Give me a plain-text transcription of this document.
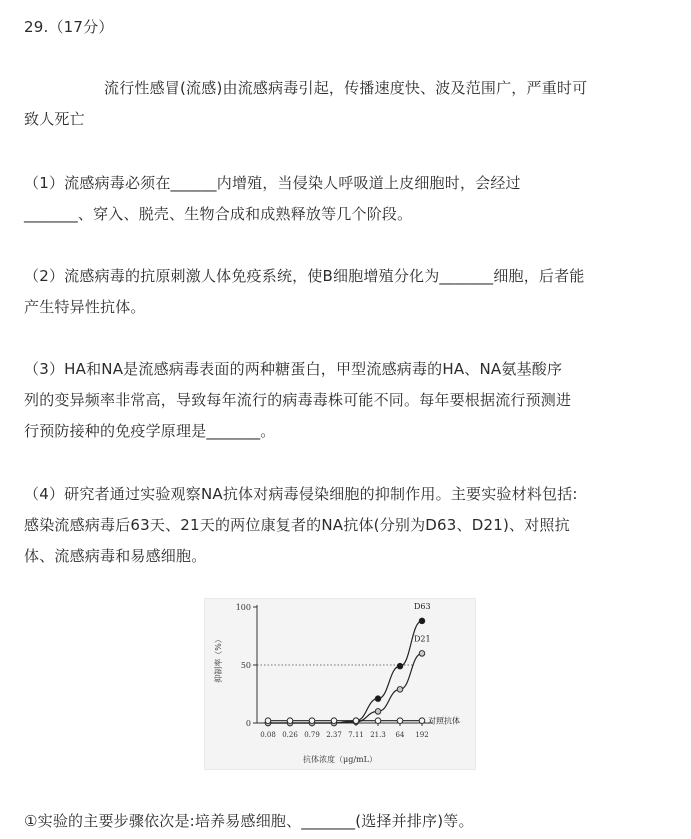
29.（17分）
流行性感冒(流感)由流感病毒引起，传播速度快、波及范围广，严重时可
致人死亡
（1）流感病毒必须在______内增殖，当侵染人呼吸道上皮细胞时，会经过
_______、穿入、脱壳、生物合成和成熟释放等几个阶段。
（2）流感病毒的抗原刺激人体免疫系统，使B细胞增殖分化为_______细胞，后者能
产生特异性抗体。
（3）HA和NA是流感病毒表面的两种糖蛋白，甲型流感病毒的HA、NA氨基酸序
列的变异频率非常高，导致每年流行的病毒毒株可能不同。每年要根据流行预测进
行预防接种的免疫学原理是_______。
（4）研究者通过实验观察NA抗体对病毒侵染细胞的抑制作用。主要实验材料包括:
感染流感病毒后63天、21天的两位康复者的NA抗体(分别为D63、D21)、对照抗
体、流感病毒和易感细胞。
0
50
100
0.08 0.26 0.79 2.37 7.11 21.3 64 192
D63
D21
对照抗体
抑制率（%）
抗体浓度（μg/mL）
①实验的主要步骤依次是:培养易感细胞、_______(选择并排序)等。
